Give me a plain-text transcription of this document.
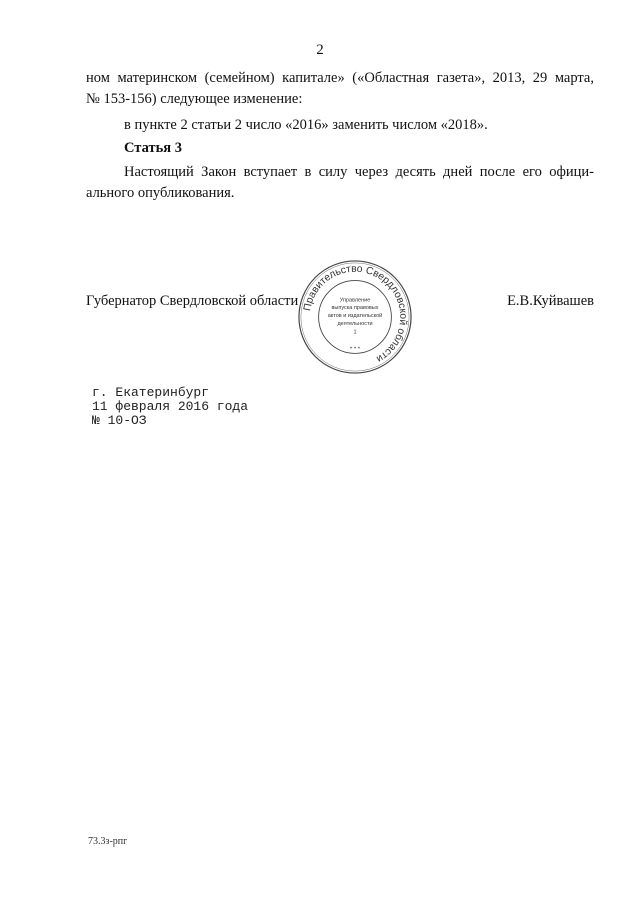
2
ном материнском (семейном) капитале» («Областная газета», 2013, 29 марта,
№ 153-156) следующее изменение:
в пункте 2 статьи 2 число «2016» заменить числом «2018».
Статья 3
Настоящий Закон вступает в силу через десять дней после его офици-
ального опубликования.
Губернатор Свердловской области	Е.В.Куйвашев
Правительство Свердловской области
Управление
выпуска правовых
актов и издательской
деятельности
1
* * *
г. Екатеринбург
11 февраля 2016 года
№ 10-ОЗ
73.3з-рпг
